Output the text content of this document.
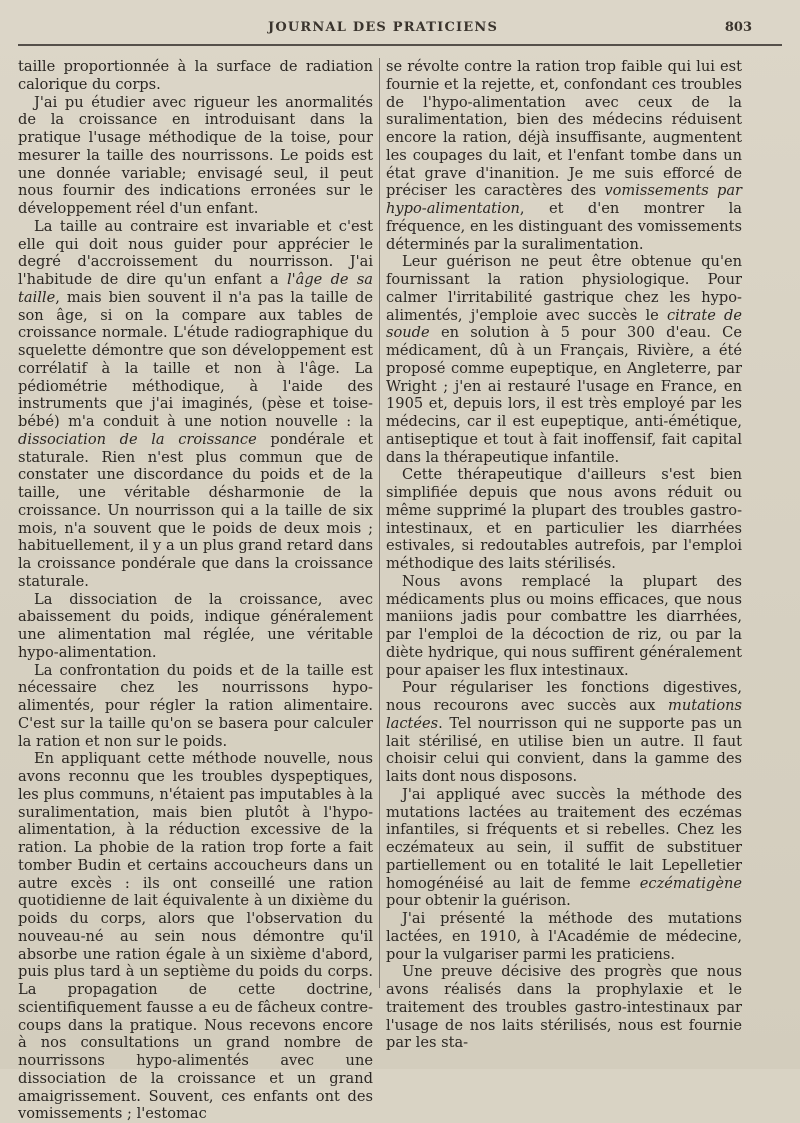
JOURNAL DES PRATICIENS	803

taille proportionnée à la surface de radiation calorique du corps.

J'ai pu étudier avec rigueur les anormalités de la croissance en introduisant dans la pratique l'usage méthodique de la toise, pour mesurer la taille des nourrissons. Le poids est une donnée variable; envisagé seul, il peut nous fournir des indications erronées sur le développement réel d'un enfant.

La taille au contraire est invariable et c'est elle qui doit nous guider pour apprécier le degré d'accroissement du nourrisson. J'ai l'habitude de dire qu'un enfant a l'âge de sa taille, mais bien souvent il n'a pas la taille de son âge, si on la compare aux tables de croissance normale. L'étude radiographique du squelette démontre que son développement est corrélatif à la taille et non à l'âge. La pédiométrie méthodique, à l'aide des instruments que j'ai imaginés, (pèse et toise-bébé) m'a conduit à une notion nouvelle : la dissociation de la croissance pondérale et staturale. Rien n'est plus commun que de constater une discordance du poids et de la taille, une véritable désharmonie de la croissance. Un nourrisson qui a la taille de six mois, n'a souvent que le poids de deux mois ; habituellement, il y a un plus grand retard dans la croissance pondérale que dans la croissance staturale.

La dissociation de la croissance, avec abaissement du poids, indique généralement une alimentation mal réglée, une véritable hypo-alimentation.

La confrontation du poids et de la taille est nécessaire chez les nourrissons hypo-alimentés, pour régler la ration alimentaire. C'est sur la taille qu'on se basera pour calculer la ration et non sur le poids.

En appliquant cette méthode nouvelle, nous avons reconnu que les troubles dyspeptiques, les plus communs, n'étaient pas imputables à la suralimentation, mais bien plutôt à l'hypo-alimentation, à la réduction excessive de la ration. La phobie de la ration trop forte a fait tomber Budin et certains accoucheurs dans un autre excès : ils ont conseillé une ration quotidienne de lait équivalente à un dixième du poids du corps, alors que l'observation du nouveau-né au sein nous démontre qu'il absorbe une ration égale à un sixième d'abord, puis plus tard à un septième du poids du corps. La propagation de cette doctrine, scientifiquement fausse a eu de fâcheux contre-coups dans la pratique. Nous recevons encore à nos consultations un grand nombre de nourrissons hypo-alimentés avec une dissociation de la croissance et un grand amaigrissement. Souvent, ces enfants ont des vomissements ; l'estomac

se révolte contre la ration trop faible qui lui est fournie et la rejette, et, confondant ces troubles de l'hypo-alimentation avec ceux de la suralimentation, bien des médecins réduisent encore la ration, déjà insuffisante, augmentent les coupages du lait, et l'enfant tombe dans un état grave d'inanition. Je me suis efforcé de préciser les caractères des vomissements par hypo-alimentation, et d'en montrer la fréquence, en les distinguant des vomissements déterminés par la suralimentation.

Leur guérison ne peut être obtenue qu'en fournissant la ration physiologique. Pour calmer l'irritabilité gastrique chez les hypo-alimentés, j'emploie avec succès le citrate de soude en solution à 5 pour 300 d'eau. Ce médicament, dû à un Français, Rivière, a été proposé comme eupeptique, en Angleterre, par Wright ; j'en ai restauré l'usage en France, en 1905 et, depuis lors, il est très employé par les médecins, car il est eupeptique, anti-émétique, antiseptique et tout à fait inoffensif, fait capital dans la thérapeutique infantile.

Cette thérapeutique d'ailleurs s'est bien simplifiée depuis que nous avons réduit ou même supprimé la plupart des troubles gastro-intestinaux, et en particulier les diarrhées estivales, si redoutables autrefois, par l'emploi méthodique des laits stérilisés.

Nous avons remplacé la plupart des médicaments plus ou moins efficaces, que nous maniions jadis pour combattre les diarrhées, par l'emploi de la décoction de riz, ou par la diète hydrique, qui nous suffirent généralement pour apaiser les flux intestinaux.

Pour régulariser les fonctions digestives, nous recourons avec succès aux mutations lactées. Tel nourrisson qui ne supporte pas un lait stérilisé, en utilise bien un autre. Il faut choisir celui qui convient, dans la gamme des laits dont nous disposons.

J'ai appliqué avec succès la méthode des mutations lactées au traitement des eczémas infantiles, si fréquents et si rebelles. Chez les eczémateux au sein, il suffit de substituer partiellement ou en totalité le lait Lepelletier homogénéisé au lait de femme eczématigène pour obtenir la guérison.

J'ai présenté la méthode des mutations lactées, en 1910, à l'Académie de médecine, pour la vulgariser parmi les praticiens.

Une preuve décisive des progrès que nous avons réalisés dans la prophylaxie et le traitement des troubles gastro-intestinaux par l'usage de nos laits stérilisés, nous est fournie par les sta-
